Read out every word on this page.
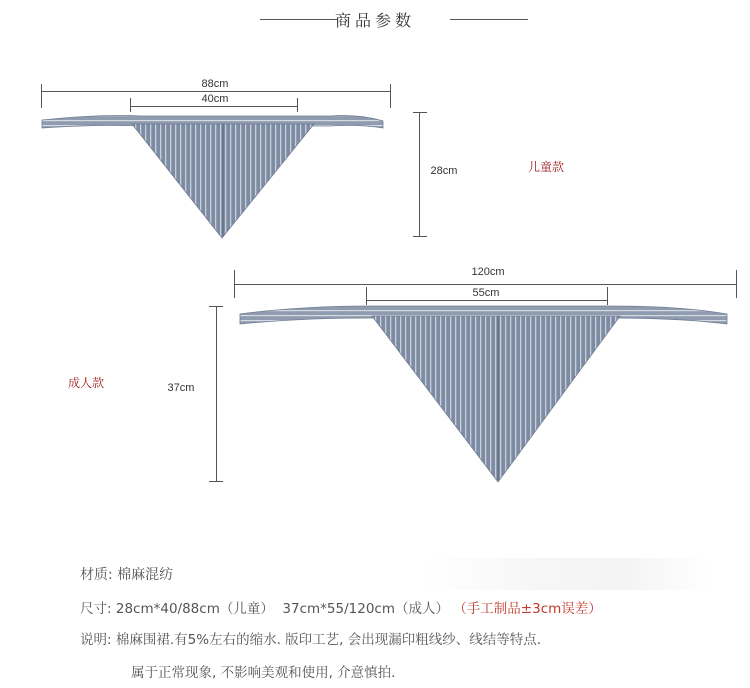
商品参数
88cm
40cm
28cm	儿童款
120cm
55cm
37cm
成人款
材质: 棉麻混纺
尺寸: 28cm*40/88cm（儿童）  37cm*55/120cm（成人） （手工制品±3cm误差）
说明: 棉麻围裙.有5%左右的缩水. 版印工艺, 会出现漏印粗线纱、线结等特点.
属于正常现象, 不影响美观和使用, 介意慎拍.
